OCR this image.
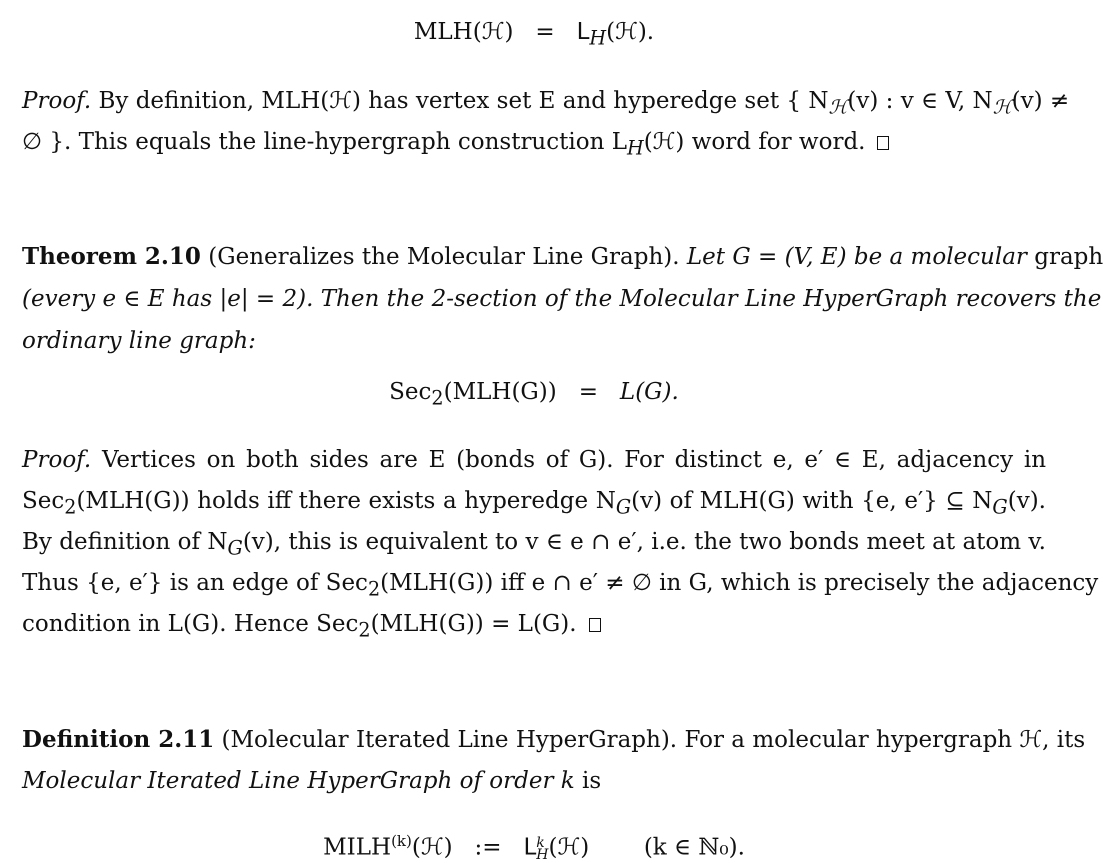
MLH(ℋ) = $L_H(ℋ)$.
Proof. By definition, MLH(ℋ) has vertex set E and hyperedge set { $N_ℋ(v)$ : v ∈ V, $N_ℋ(v)$ ≠
∅ }. This equals the line-hypergraph construction $L_H(ℋ)$ word for word.
Theorem 2.10 (Generalizes the Molecular Line Graph). Let G = (V, E) be a molecular graph
(every e ∈ E has |e| = 2). Then the 2-section of the Molecular Line HyperGraph recovers the
ordinary line graph:
Sec$_2$(MLH(G)) = L(G).
Proof. Vertices on both sides are E (bonds of G). For distinct e, e′ ∈ E, adjacency in
Sec$_2$(MLH(G)) holds iff there exists a hyperedge $N_G(v)$ of MLH(G) with {e, e′} ⊆ $N_G(v)$.
By definition of $N_G(v)$, this is equivalent to v ∈ e ∩ e′, i.e. the two bonds meet at atom v.
Thus {e, e′} is an edge of Sec$_2$(MLH(G)) iff e ∩ e′ ≠ ∅ in G, which is precisely the adjacency
condition in L(G). Hence Sec$_2$(MLH(G)) = L(G).
Definition 2.11 (Molecular Iterated Line HyperGraph). For a molecular hypergraph ℋ, its
Molecular Iterated Line HyperGraph of order k is
MILH$^{(k)}$(ℋ) := Lk
H(ℋ) (k ∈ ℕ₀).
